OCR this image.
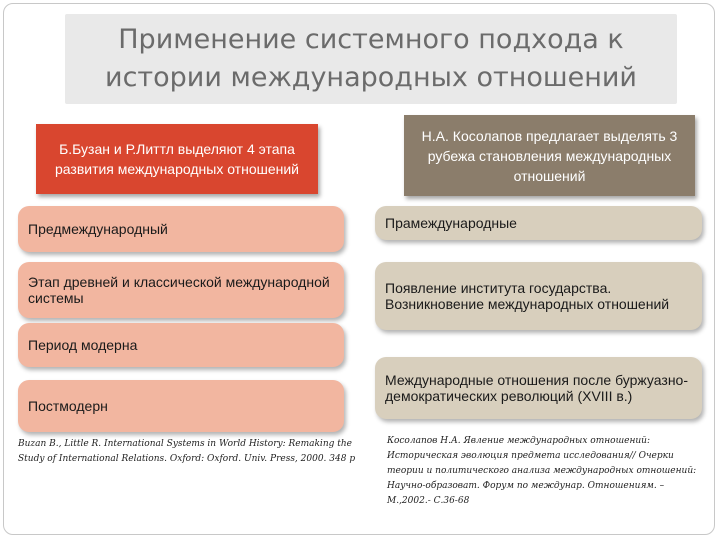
Применение системного подхода к
истории международных отношений
Б.Бузан и Р.Литтл выделяют 4 этапа развития международных отношений
Н.А. Косолапов предлагает выделять 3 рубежа становления международных отношений
Предмеждународный
Этап древней и классической международной системы
Период модерна
Постмодерн
Buzan B., Little R. International Systems in World History: Remaking the Study of International Relations. Oxford: Oxford. Univ. Press, 2000. 348 p
Прамеждународные
Появление института государства. Возникновение международных отношений
Международные отношения после буржуазно-демократических революций (XVIII в.)
Косолапов Н.А. Явление международных отношений: Историческая эволюция предмета исследования// Очерки теории и политического анализа международных отношений: Научно-образоват. Форум по междунар. Отношениям. – М.,2002.- С.36-68
